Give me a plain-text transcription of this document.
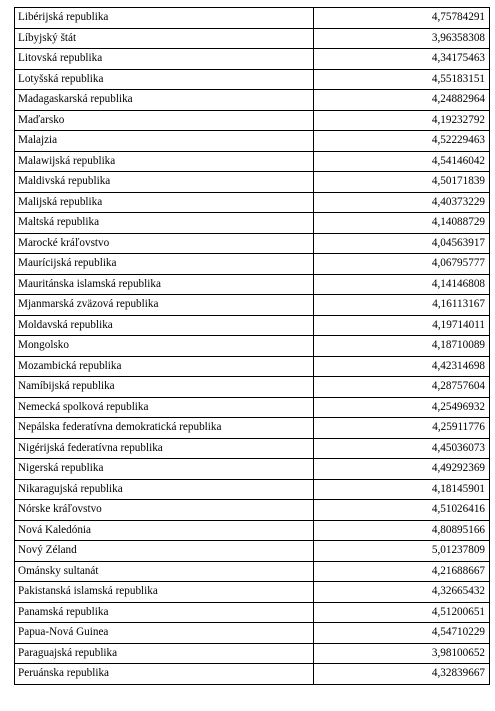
Libérijská republika	4,75784291
Líbyjský štát	3,96358308
Litovská republika	4,34175463
Lotyšská republika	4,55183151
Madagaskarská republika	4,24882964
Maďarsko	4,19232792
Malajzia	4,52229463
Malawijská republika	4,54146042
Maldivská republika	4,50171839
Malijská republika	4,40373229
Maltská republika	4,14088729
Marocké kráľovstvo	4,04563917
Maurícijská republika	4,06795777
Mauritánska islamská republika	4,14146808
Mjanmarská zväzová republika	4,16113167
Moldavská republika	4,19714011
Mongolsko	4,18710089
Mozambická republika	4,42314698
Namíbijská republika	4,28757604
Nemecká spolková republika	4,25496932
Nepálska federatívna demokratická republika	4,25911776
Nigérijská federatívna republika	4,45036073
Nigerská republika	4,49292369
Nikaragujská republika	4,18145901
Nórske kráľovstvo	4,51026416
Nová Kaledónia	4,80895166
Nový Zéland	5,01237809
Ománsky sultanát	4,21688667
Pakistanská islamská republika	4,32665432
Panamská republika	4,51200651
Papua-Nová Guinea	4,54710229
Paraguajská republika	3,98100652
Peruánska republika	4,32839667
